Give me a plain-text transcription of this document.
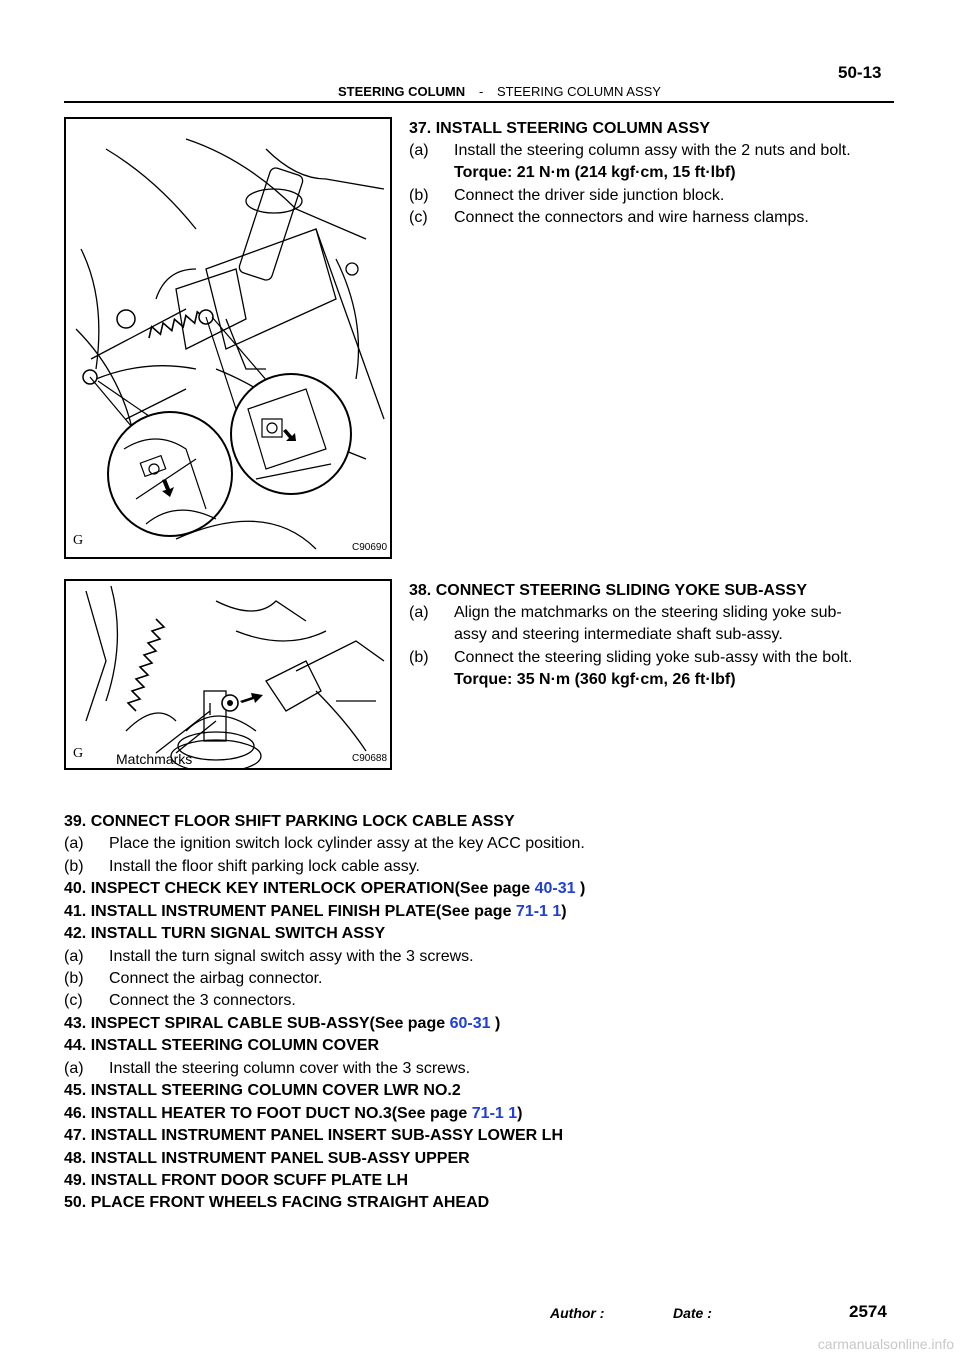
50-13
STEERING COLUMN - STEERING COLUMN ASSY
G	C90690
Matchmarks
G	C90688
37. INSTALL STEERING COLUMN ASSY
(a) Install the steering column assy with the 2 nuts and bolt.
Torque: 21 N·m (214 kgf·cm, 15 ft·lbf)
(b) Connect the driver side junction block.
(c) Connect the connectors and wire harness clamps.
38. CONNECT STEERING SLIDING YOKE SUB-ASSY
(a) Align the matchmarks on the steering sliding yoke sub-
assy and steering intermediate shaft sub-assy.
(b) Connect the steering sliding yoke sub-assy with the bolt.
Torque: 35 N·m (360 kgf·cm, 26 ft·lbf)
39. CONNECT FLOOR SHIFT PARKING LOCK CABLE ASSY
(a) Place the ignition switch lock cylinder assy at the key ACC position.
(b) Install the floor shift parking lock cable assy.
40. INSPECT CHECK KEY INTERLOCK OPERATION(See page 40-31 )
41. INSTALL INSTRUMENT PANEL FINISH PLATE(See page 71-1 1)
42. INSTALL TURN SIGNAL SWITCH ASSY
(a) Install the turn signal switch assy with the 3 screws.
(b) Connect the airbag connector.
(c) Connect the 3 connectors.
43. INSPECT SPIRAL CABLE SUB-ASSY(See page 60-31 )
44. INSTALL STEERING COLUMN COVER
(a) Install the steering column cover with the 3 screws.
45. INSTALL STEERING COLUMN COVER LWR NO.2
46. INSTALL HEATER TO FOOT DUCT NO.3(See page 71-1 1)
47. INSTALL INSTRUMENT PANEL INSERT SUB-ASSY LOWER LH
48. INSTALL INSTRUMENT PANEL SUB-ASSY UPPER
49. INSTALL FRONT DOOR SCUFF PLATE LH
50. PLACE FRONT WHEELS FACING STRAIGHT AHEAD
Author :	Date :	2574
carmanualsonline.info
